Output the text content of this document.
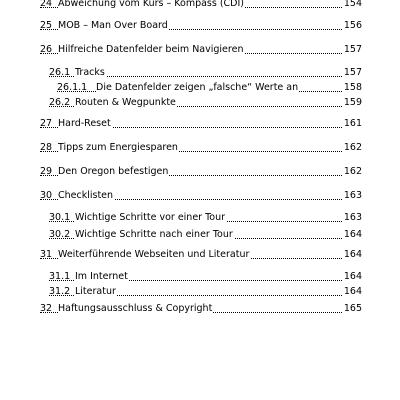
24 Abweichung vom Kurs – Kompass (CDI)	154
25 MOB – Man Over Board	156
26 Hilfreiche Datenfelder beim Navigieren	157
26.1 Tracks	157
26.1.1 Die Datenfelder zeigen „falsche“ Werte an	158
26.2 Routen & Wegpunkte	159
27 Hard-Reset	161
28 Tipps zum Energiesparen	162
29 Den Oregon befestigen	162
30 Checklisten	163
30.1 Wichtige Schritte vor einer Tour	163
30.2 Wichtige Schritte nach einer Tour	164
31 Weiterführende Webseiten und Literatur	164
31.1 Im Internet	164
31.2 Literatur	164
32 Haftungsausschluss & Copyright	165
